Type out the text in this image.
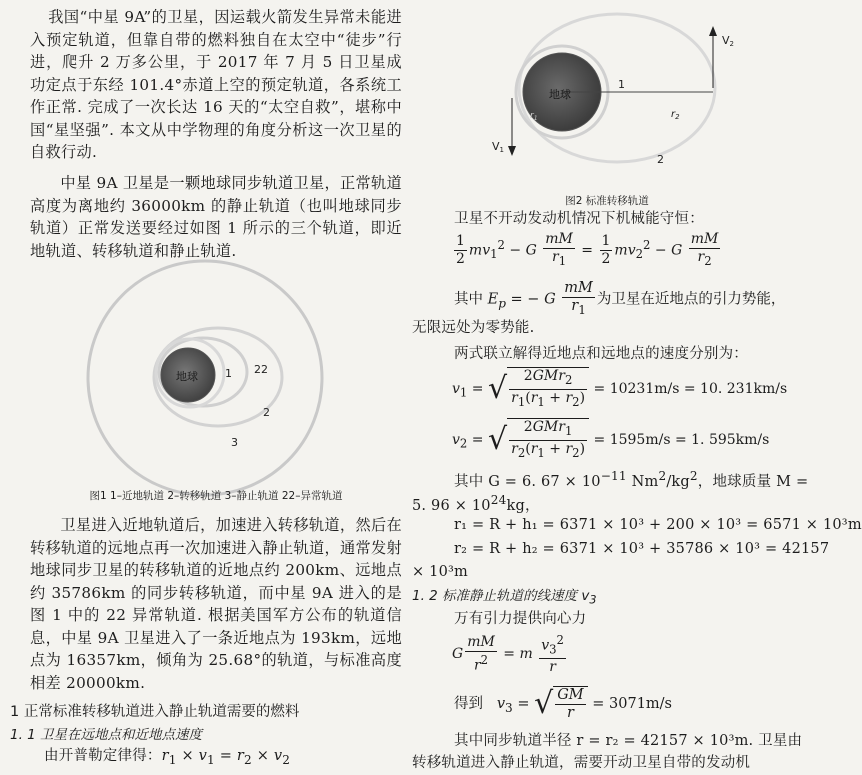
我国“中星 9A”的卫星，因运载火箭发生异常未能进入预定轨道，但靠自带的燃料独自在太空中“徒步”行进，爬升 2 万多公里，于 2017 年 7 月 5 日卫星成功定点于东经 101.4°赤道上空的预定轨道，各系统工作正常. 完成了一次长达 16 天的“太空自救”，堪称中国“星坚强”. 本文从中学物理的角度分析这一次卫星的自救行动.

中星 9A 卫星是一颗地球同步轨道卫星，正常轨道高度为离地约 36000km 的静止轨道（也叫地球同步轨道）正常发送要经过如图 1 所示的三个轨道，即近地轨道、转移轨道和静止轨道.

地球 1 22
2
3

图1 1–近地轨道 2–转移轨道 3–静止轨道 22–异常轨道

卫星进入近地轨道后，加速进入转移轨道，然后在转移轨道的远地点再一次加速进入静止轨道，通常发射地球同步卫星的转移轨道的近地点约 200km、远地点约 35786km 的同步转移轨道，而中星 9A 进入的是图 1 中的 22 异常轨道. 根据美国军方公布的轨道信息，中星 9A 卫星进入了一条近地点为 193km，远地点为 16357km，倾角为 25.68°的轨道，与标准高度相差 20000km.

1 正常标准转移轨道进入静止轨道需要的燃料

1. 1 卫星在远地点和近地点速度

由开普勒定律得：$r_1 \times v_1 = r_2 \times v_2$
地球
1
2
$r_2$
$r_1$
V1
V2

图2 标准转移轨道

卫星不开动发动机情况下机械能守恒：
$\frac{1}{2} mv_1^2 - G \frac{mM}{r_1} = \frac{1}{2} mv_2^2 - G \frac{mM}{r_2}$
其中 $E_p$ = − G $\frac{mM}{r_1}$ 为卫星在近地点的引力势能，
无限远处为零势能.
两式联立解得近地点和远地点的速度分别为：
$v_1$ = √ $\frac{2GMr_2}{r_1(r_1 + r_2)} = 10231m/s = 10$. 231km/s
$v_2$ = √ $\frac{2GMr_1}{r_2(r_1 + r_2)} = 1595m/s = 1$. 595km/s
其中 G = 6. $67 \times 10^{-11}$ $Nm^2/kg^2$，地球质量 M =
5. $96 \times 10^{24}kg$，
r₁ = R + h₁ = 6371 × 10³ + 200 × 10³ = 6571 × 10³m
r₂ = R + h₂ = 6371 × 10³ + 35786 × 10³ = 42157
× 10³m
1. 2 标准静止轨道的线速度 $v_3$
万有引力提供向心力
G $\frac{mM}{r^2} = m \frac{v_3^2}{r}$
得到 $v_3$ = √ $\frac{GM}{r} = 3071m/s$
其中同步轨道半径 r = r₂ = 42157 × 10³m. 卫星由
转移轨道进入静止轨道，需要开动卫星自带的发动机
